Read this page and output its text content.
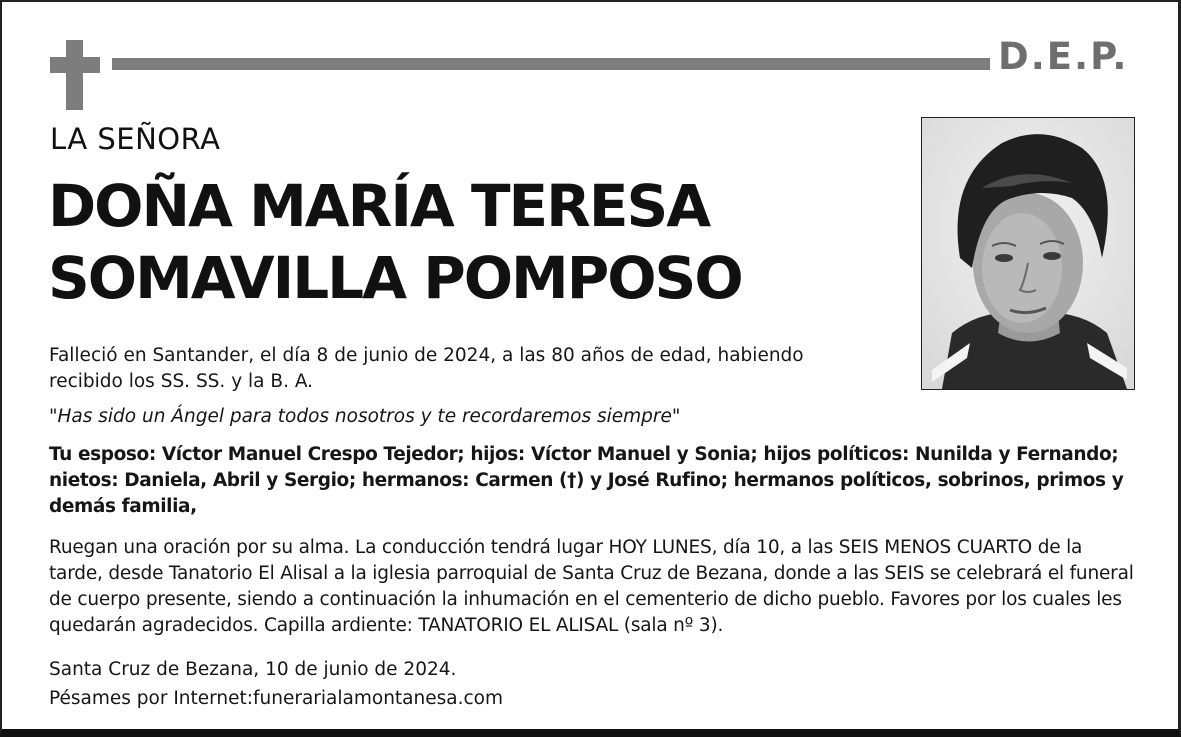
D.E.P.
LA SEÑORA
DOÑA MARÍA TERESA
SOMAVILLA POMPOSO
Falleció en Santander, el día 8 de junio de 2024, a las 80 años de edad, habiendo recibido los SS. SS. y la B. A.
"Has sido un Ángel para todos nosotros y te recordaremos siempre"
Tu esposo: Víctor Manuel Crespo Tejedor; hijos: Víctor Manuel y Sonia; hijos políticos: Nunilda y Fernando; nietos: Daniela, Abril y Sergio; hermanos: Carmen (†) y José Rufino; hermanos políticos, sobrinos, primos y demás familia,
Ruegan una oración por su alma. La conducción tendrá lugar HOY LUNES, día 10, a las SEIS MENOS CUARTO de la tarde, desde Tanatorio El Alisal a la iglesia parroquial de Santa Cruz de Bezana, donde a las SEIS se celebrará el funeral de cuerpo presente, siendo a continuación la inhumación en el cementerio de dicho pueblo. Favores por los cuales les quedarán agradecidos. Capilla ardiente: TANATORIO EL ALISAL (sala nº 3).
Santa Cruz de Bezana, 10 de junio de 2024.
Pésames por Internet:funerarialamontanesa.com
